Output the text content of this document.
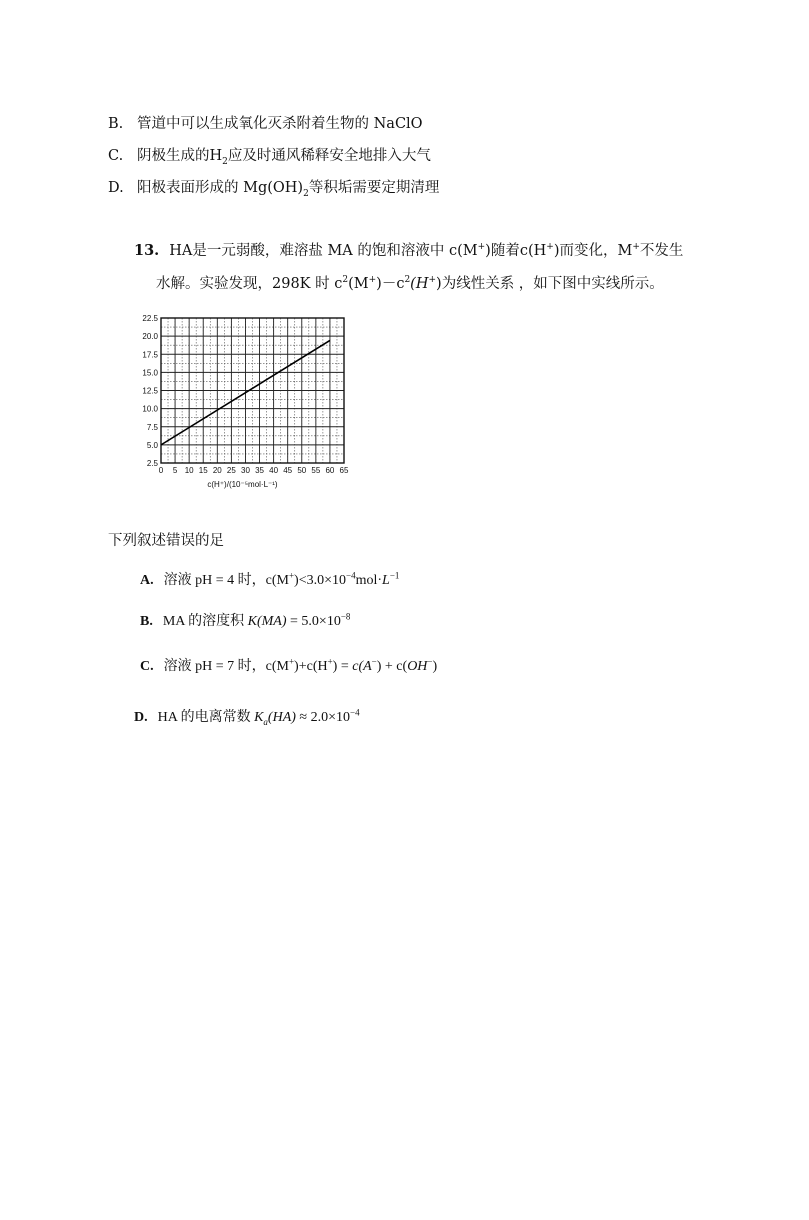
B. 管道中可以生成氧化灭杀附着生物的 NaClO
C. 阴极生成的$H_2$应及时通风稀释安全地排入大气
D. 阳极表面形成的 $Mg(OH)_2$等积垢需要定期清理
13. HA是一元弱酸，难溶盐 MA 的饱和溶液中 c(M+)随着c(H+)而变化，M+不发生
水解。实验发现，298K 时 $c^2(M^+)-c^2(H^+)$为线性关系 ，如下图中实线所示。
2.5
5.0
7.5
10.0
12.5
15.0
17.5
20.0
22.5
0 5 10 15 20 25 30 35 40 45 50 55 60 65
c(H⁺)/(10⁻⁵mol·L⁻¹)
下列叙述错误的足
A. 溶液 pH = 4 时，$c(M^+)<3.0\times 10^{-4}mol\cdot L^{-1}$
B. MA 的溶度积 $K(MA) = 5.0\times 10^{-8}$
C. 溶液 pH = 7 时，c(M+)+c(H+) = c(A−) + c(OH−)
D. HA 的电离常数 $K_a(HA) \approx 2.0\times 10^{-4}$
